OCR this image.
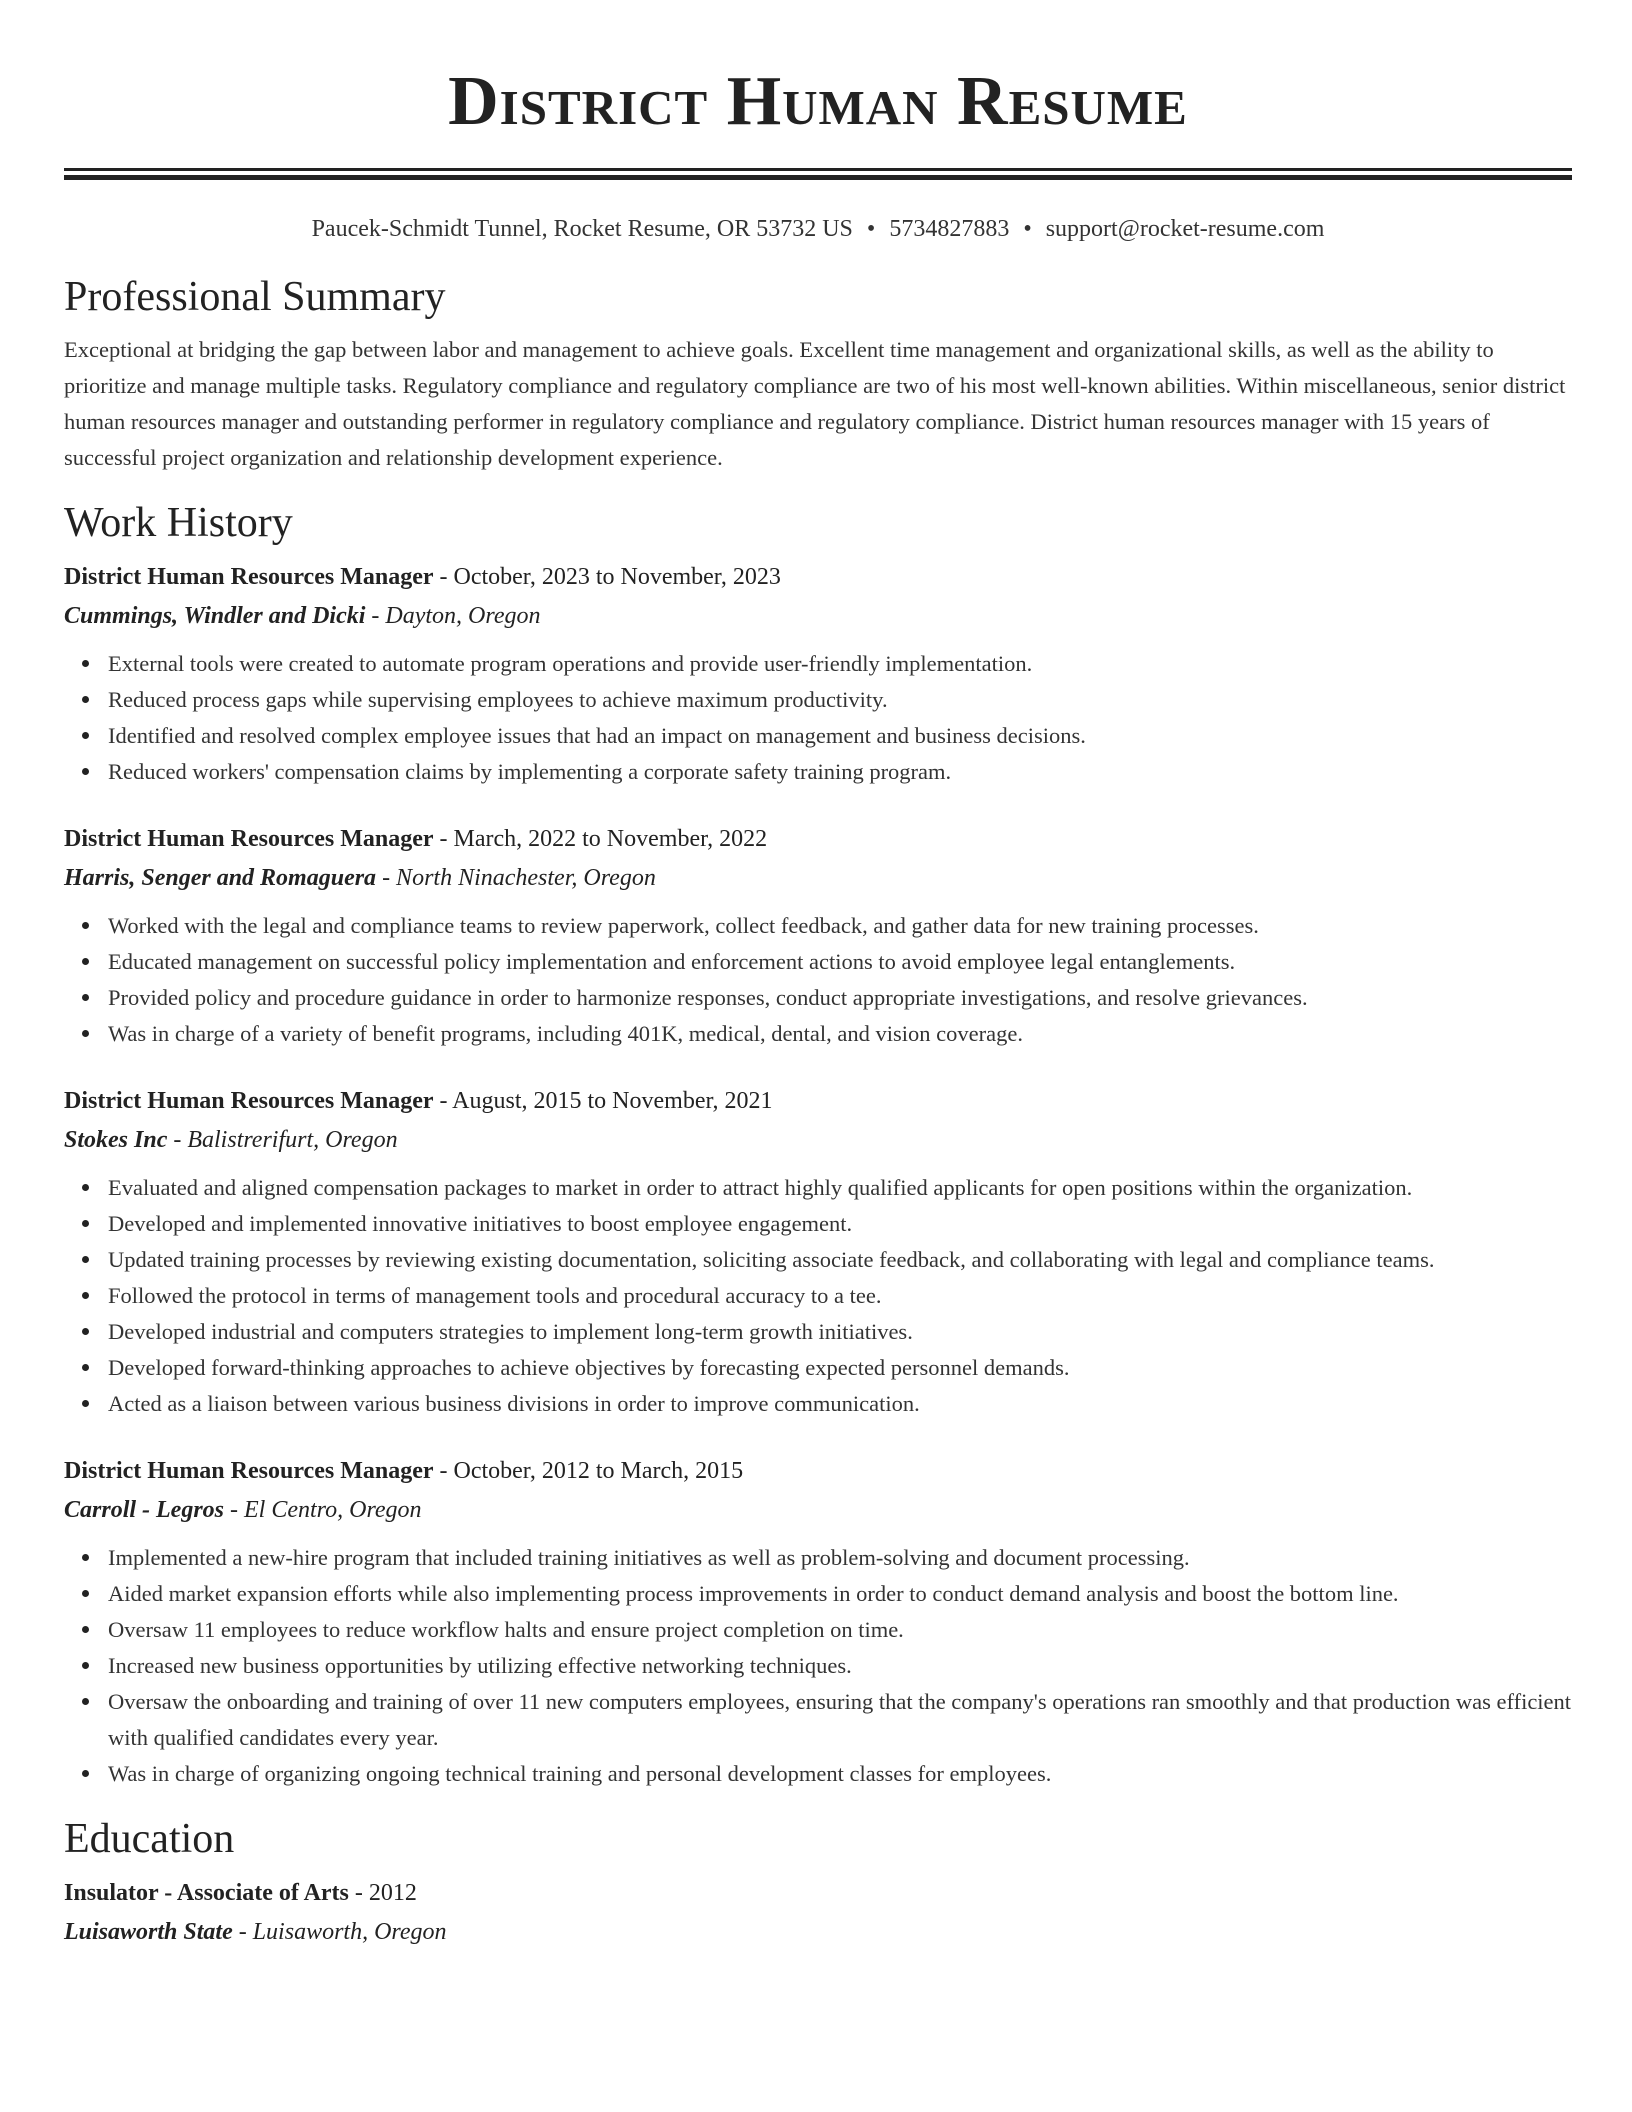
District Human Resume
Paucek-Schmidt Tunnel, Rocket Resume, OR 53732 US • 5734827883 • support@rocket-resume.com
Professional Summary

Exceptional at bridging the gap between labor and management to achieve goals. Excellent time management and organizational skills, as well as the ability to prioritize and manage multiple tasks. Regulatory compliance and regulatory compliance are two of his most well-known abilities. Within miscellaneous, senior district human resources manager and outstanding performer in regulatory compliance and regulatory compliance. District human resources manager with 15 years of successful project organization and relationship development experience.

Work History

District Human Resources Manager - October, 2023 to November, 2023

Cummings, Windler and Dicki - Dayton, Oregon

External tools were created to automate program operations and provide user-friendly implementation.
Reduced process gaps while supervising employees to achieve maximum productivity.
Identified and resolved complex employee issues that had an impact on management and business decisions.
Reduced workers' compensation claims by implementing a corporate safety training program.

District Human Resources Manager - March, 2022 to November, 2022

Harris, Senger and Romaguera - North Ninachester, Oregon

Worked with the legal and compliance teams to review paperwork, collect feedback, and gather data for new training processes.
Educated management on successful policy implementation and enforcement actions to avoid employee legal entanglements.
Provided policy and procedure guidance in order to harmonize responses, conduct appropriate investigations, and resolve grievances.
Was in charge of a variety of benefit programs, including 401K, medical, dental, and vision coverage.

District Human Resources Manager - August, 2015 to November, 2021

Stokes Inc - Balistrerifurt, Oregon

Evaluated and aligned compensation packages to market in order to attract highly qualified applicants for open positions within the organization.
Developed and implemented innovative initiatives to boost employee engagement.
Updated training processes by reviewing existing documentation, soliciting associate feedback, and collaborating with legal and compliance teams.
Followed the protocol in terms of management tools and procedural accuracy to a tee.
Developed industrial and computers strategies to implement long-term growth initiatives.
Developed forward-thinking approaches to achieve objectives by forecasting expected personnel demands.
Acted as a liaison between various business divisions in order to improve communication.

District Human Resources Manager - October, 2012 to March, 2015

Carroll - Legros - El Centro, Oregon

Implemented a new-hire program that included training initiatives as well as problem-solving and document processing.
Aided market expansion efforts while also implementing process improvements in order to conduct demand analysis and boost the bottom line.
Oversaw 11 employees to reduce workflow halts and ensure project completion on time.
Increased new business opportunities by utilizing effective networking techniques.
Oversaw the onboarding and training of over 11 new computers employees, ensuring that the company's operations ran smoothly and that production was efficient with qualified candidates every year.
Was in charge of organizing ongoing technical training and personal development classes for employees.
Education

Insulator - Associate of Arts - 2012

Luisaworth State - Luisaworth, Oregon
